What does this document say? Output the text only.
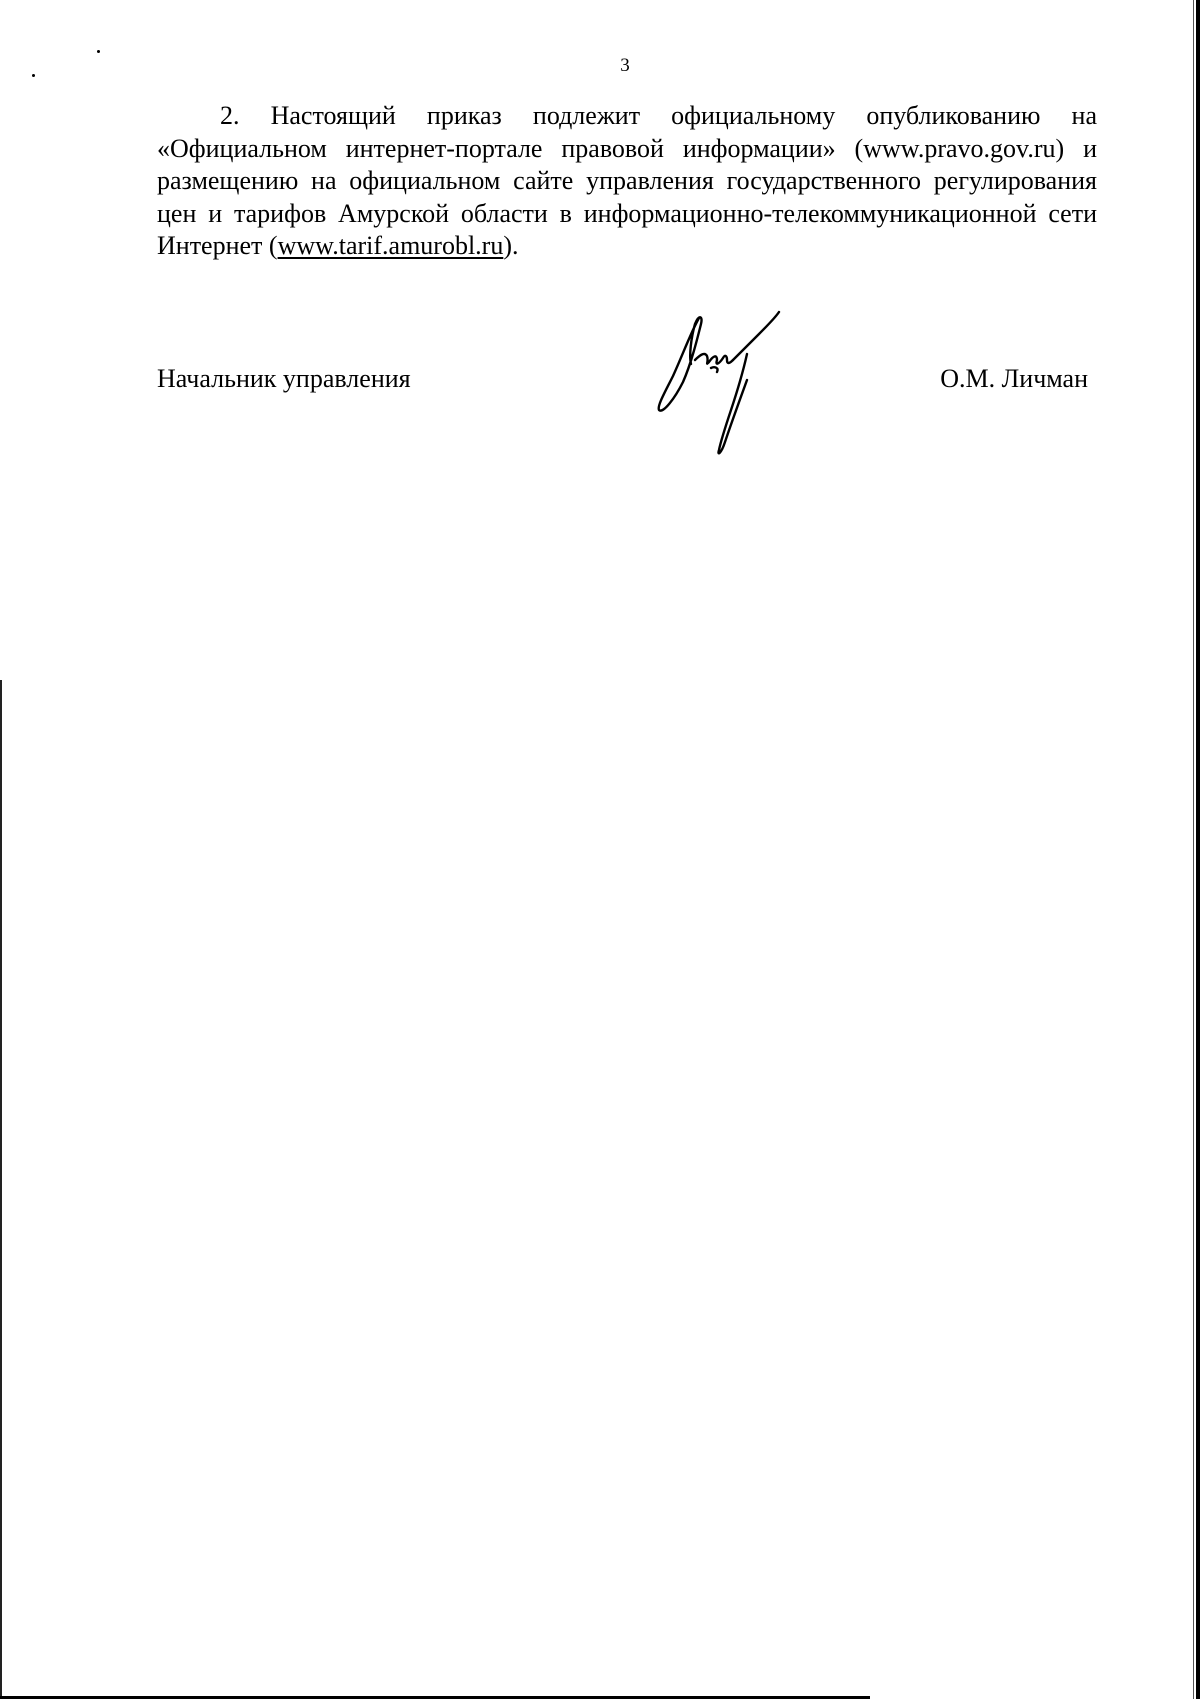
3

2. Настоящий приказ подлежит официальному опубликованию на «Официальном интернет-портале правовой информации» (www.pravo.gov.ru) и размещению на официальном сайте управления государственного регулирования цен и тарифов Амурской области в информационно-телекоммуникационной сети Интернет (www.tarif.amurobl.ru).

Начальник управления	О.М. Личман
